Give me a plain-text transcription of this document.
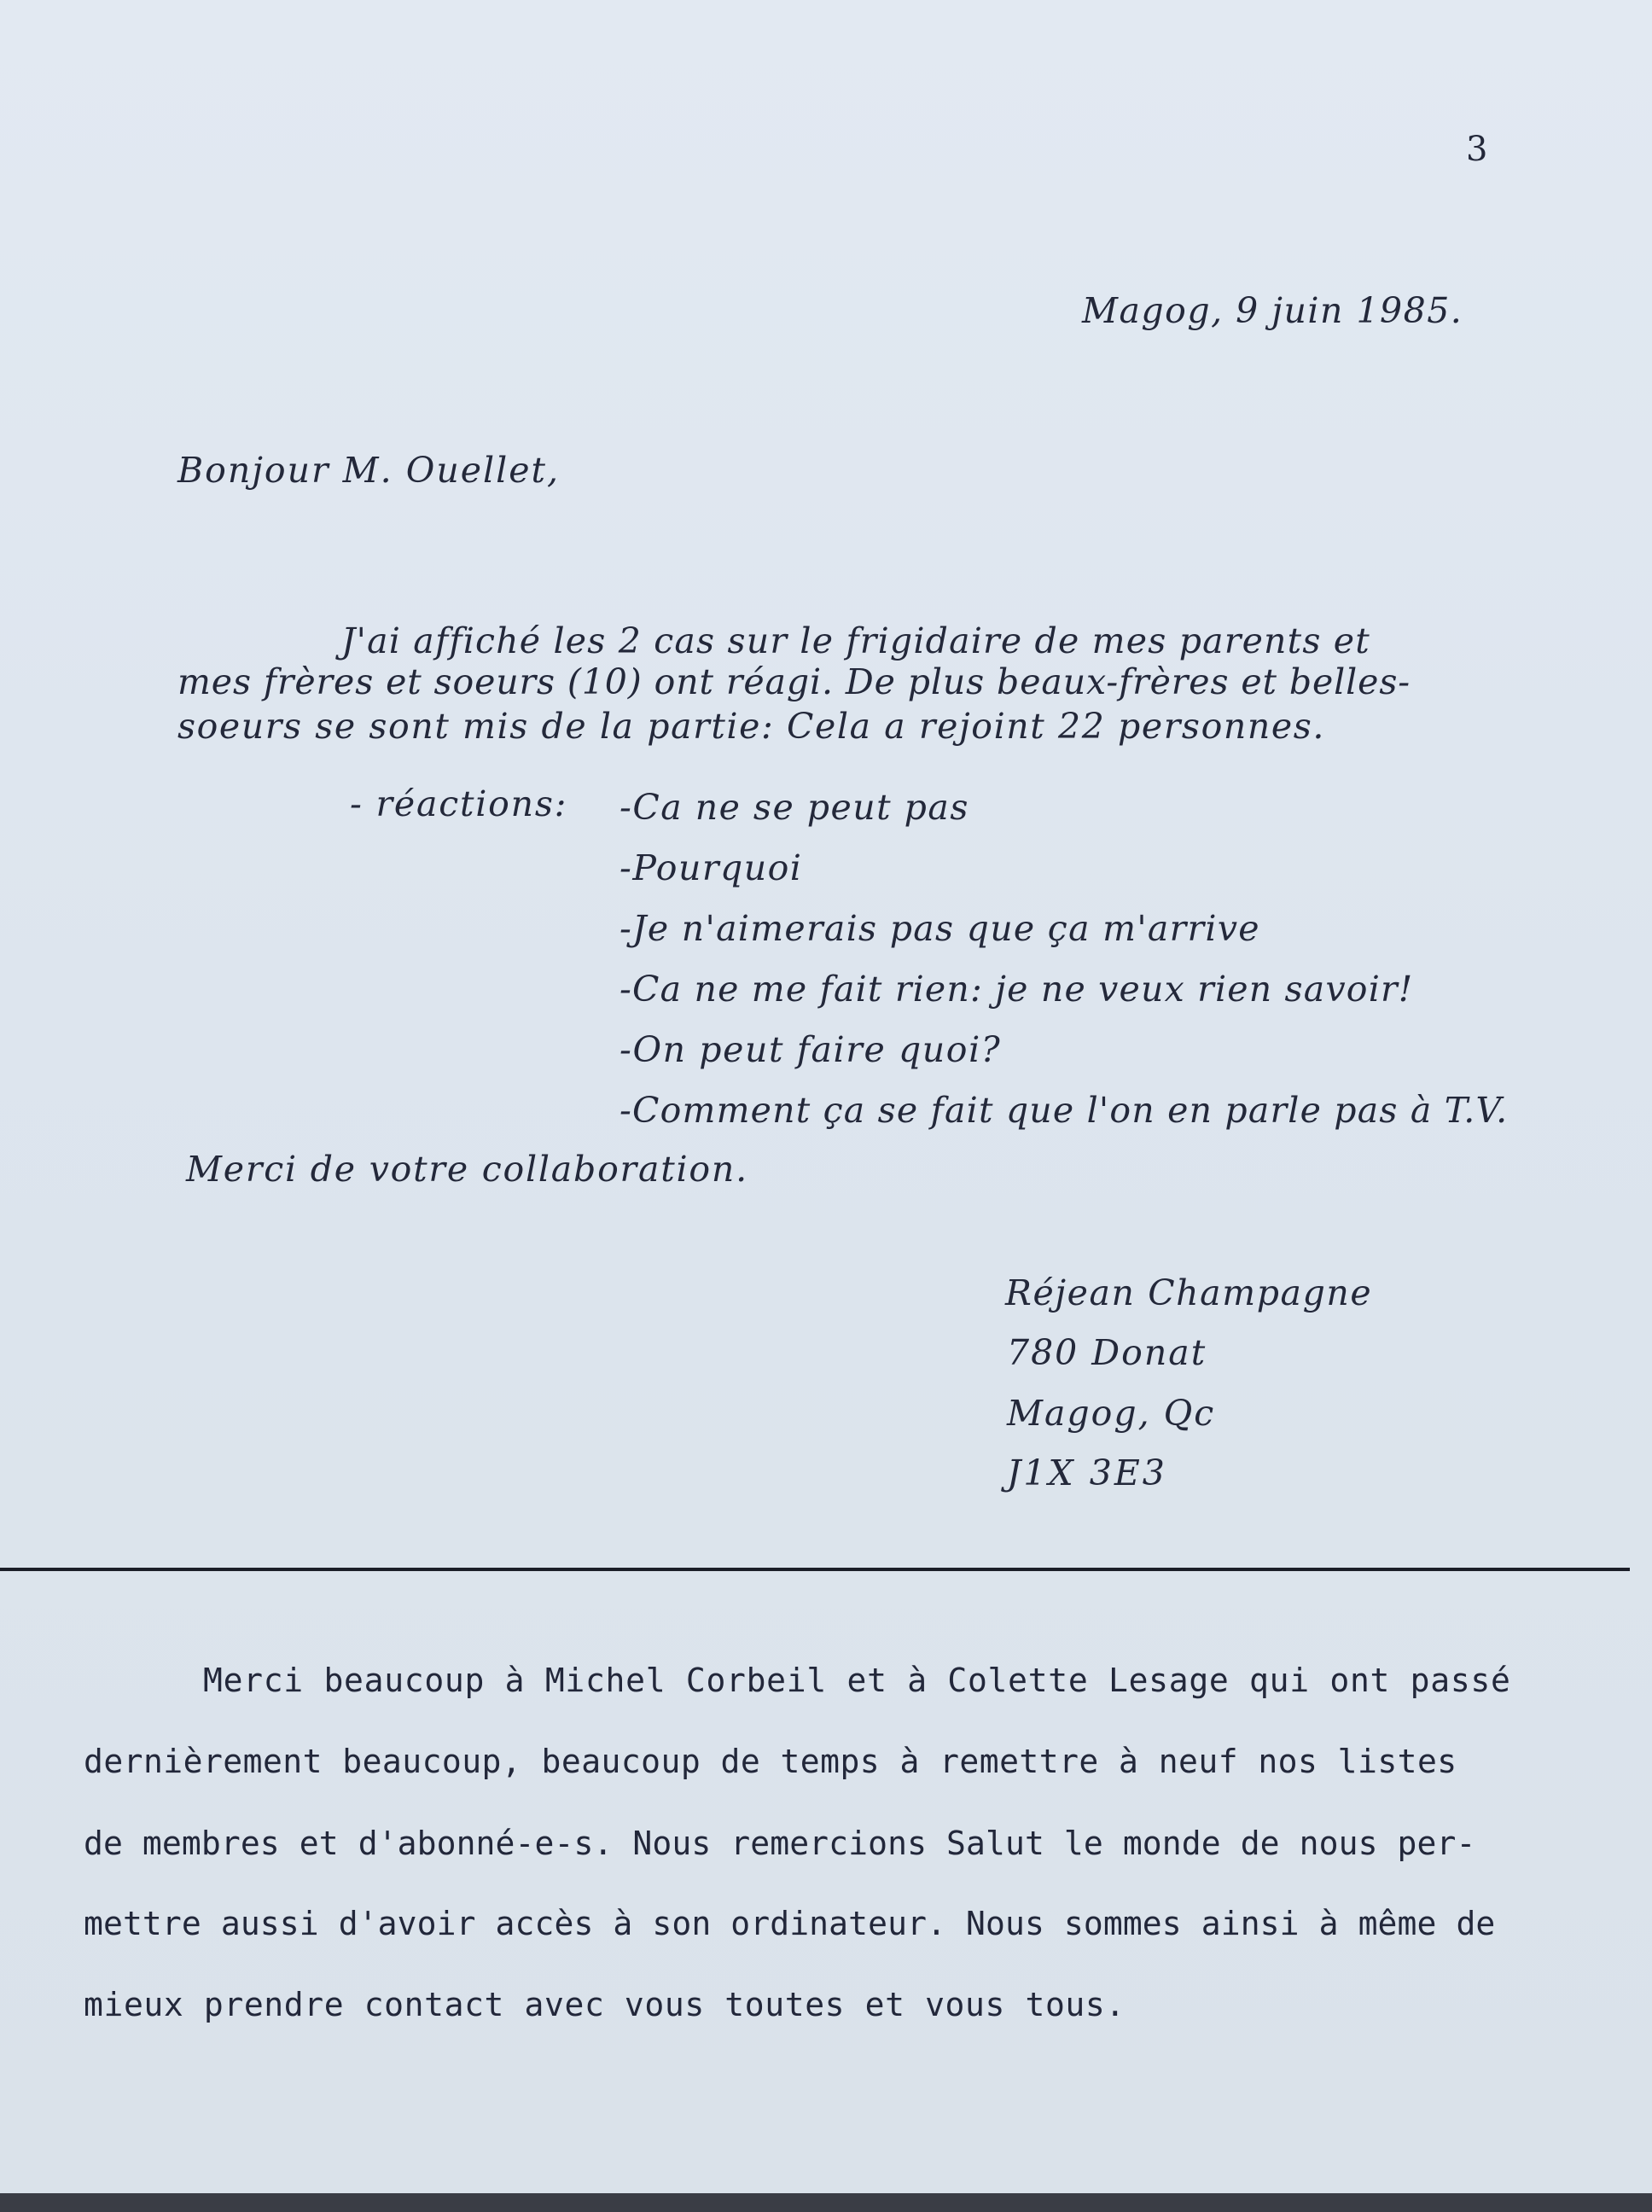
3
Magog, 9 juin 1985.
Bonjour M. Ouellet,
J'ai affiché les 2 cas sur le frigidaire de mes parents et
mes frères et soeurs (10) ont réagi. De plus beaux-frères et belles-
soeurs se sont mis de la partie: Cela a rejoint 22 personnes.
- réactions: -Ca ne se peut pas
-Pourquoi
-Je n'aimerais pas que ça m'arrive
-Ca ne me fait rien: je ne veux rien savoir!
-On peut faire quoi?
-Comment ça se fait que l'on en parle pas à T.V.
Merci de votre collaboration.
Réjean Champagne
780 Donat
Magog, Qc
J1X 3E3
Merci beaucoup à Michel Corbeil et à Colette Lesage qui ont passé
dernièrement beaucoup, beaucoup de temps à remettre à neuf nos listes
de membres et d'abonné-e-s. Nous remercions Salut le monde de nous per-
mettre aussi d'avoir accès à son ordinateur. Nous sommes ainsi à même de
mieux prendre contact avec vous toutes et vous tous.
